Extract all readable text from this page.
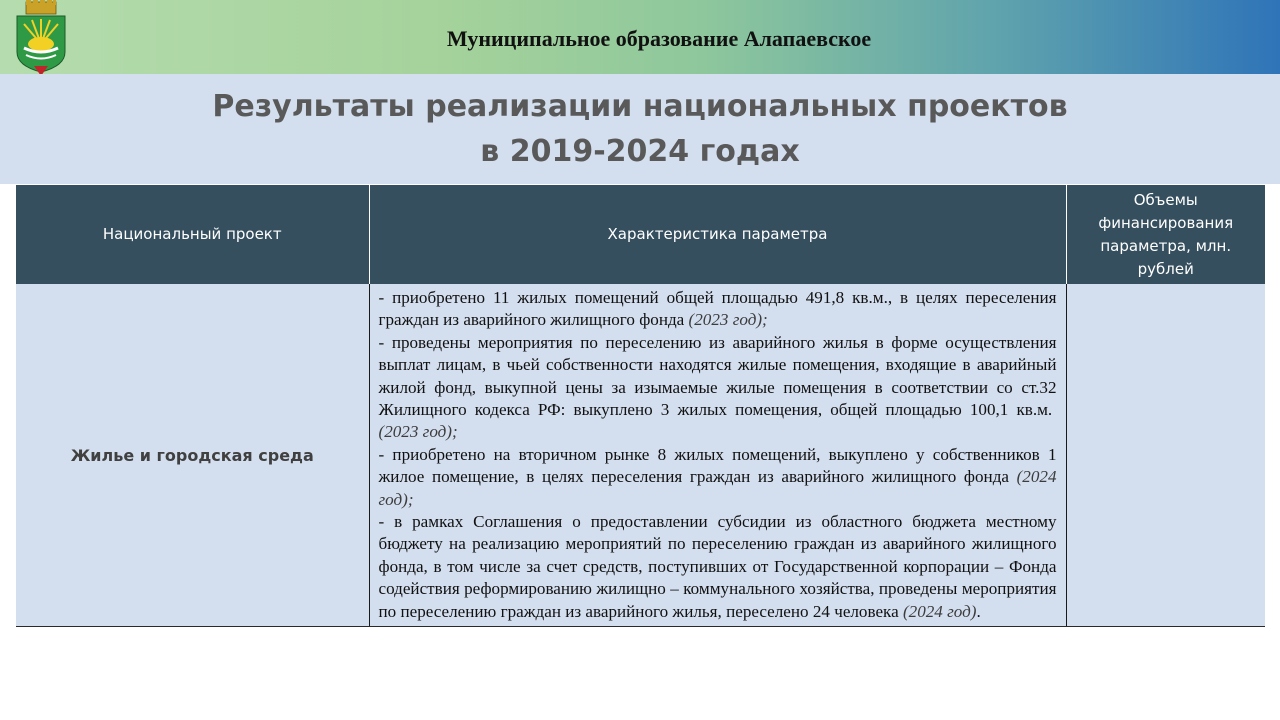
Муниципальное образование Алапаевское
Результаты реализации национальных проектов
в 2019-2024 годах
Национальный проект	Характеристика параметра	Объемы финансирования параметра, млн. рублей
Жилье и городская среда	- приобретено 11 жилых помещений общей площадью 491,8 кв.м., в целях переселения граждан из аварийного жилищного фонда (2023 год);

- проведены мероприятия по переселению из аварийного жилья в форме осуществления выплат лицам, в чьей собственности находятся жилые помещения, входящие в аварийный жилой фонд, выкупной цены за изымаемые жилые помещения в соответствии со ст.32 Жилищного кодекса РФ: выкуплено 3 жилых помещения, общей площадью 100,1 кв.м.  (2023 год);

- приобретено на вторичном рынке 8 жилых помещений, выкуплено у собственников 1 жилое помещение, в целях переселения граждан из аварийного жилищного фонда (2024 год);

- в рамках Соглашения о предоставлении субсидии из областного бюджета местному бюджету на реализацию мероприятий по переселению граждан из аварийного жилищного фонда, в том числе за счет средств, поступивших от Государственной корпорации – Фонда содействия реформированию жилищно – коммунального хозяйства, проведены мероприятия по переселению граждан из аварийного жилья, переселено 24 человека (2024 год).	
